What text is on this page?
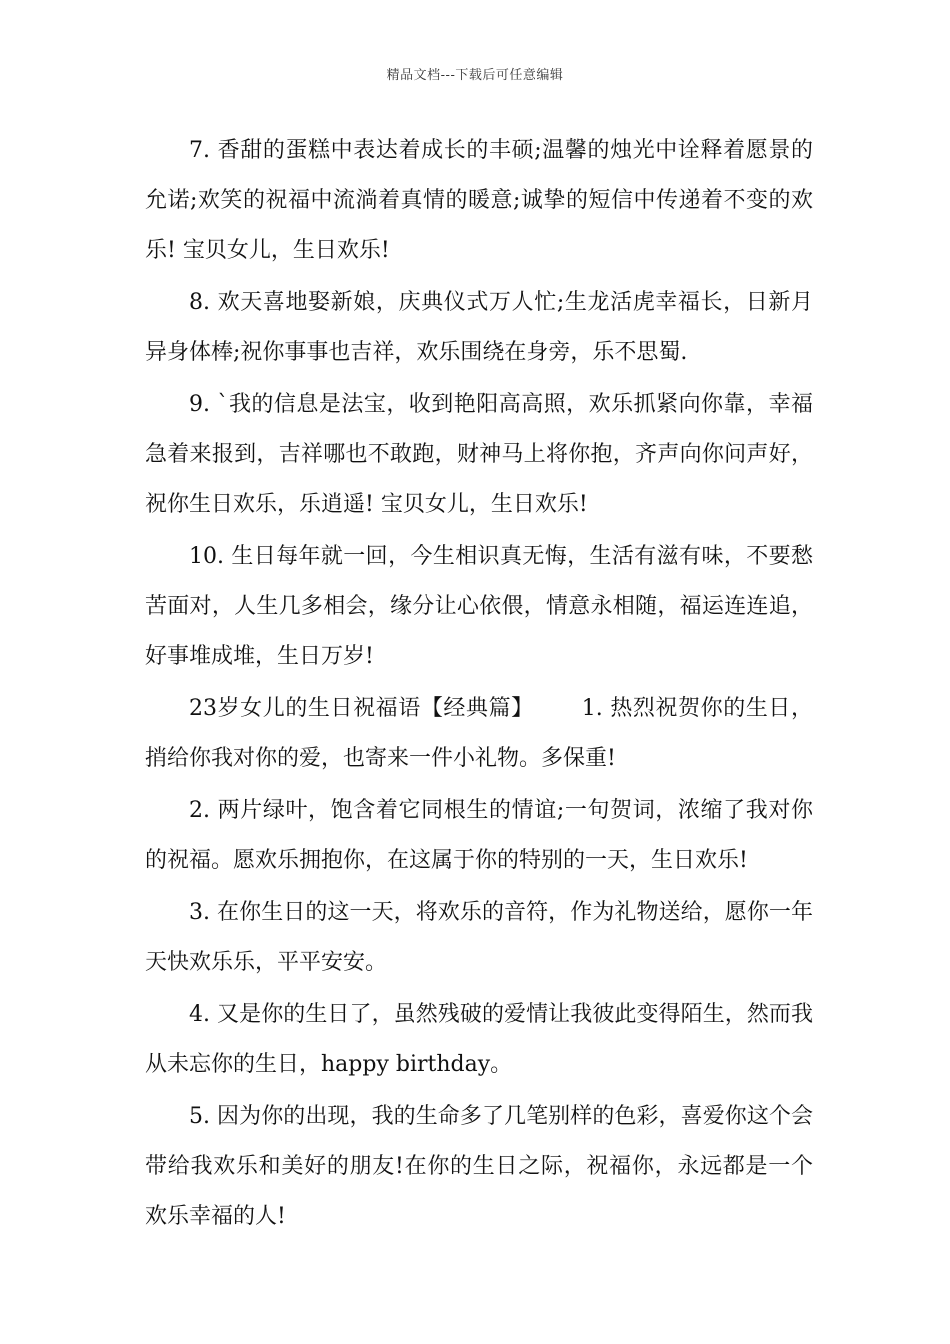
精品文档---下载后可任意编辑

7. 香甜的蛋糕中表达着成长的丰硕;温馨的烛光中诠释着愿景的允诺;欢笑的祝福中流淌着真情的暖意;诚挚的短信中传递着不变的欢乐! 宝贝女儿，生日欢乐!

8. 欢天喜地娶新娘，庆典仪式万人忙;生龙活虎幸福长，日新月异身体棒;祝你事事也吉祥，欢乐围绕在身旁，乐不思蜀.

9. `我的信息是法宝，收到艳阳高高照，欢乐抓紧向你靠，幸福急着来报到，吉祥哪也不敢跑，财神马上将你抱，齐声向你问声好，祝你生日欢乐，乐逍遥! 宝贝女儿，生日欢乐!

10. 生日每年就一回，今生相识真无悔，生活有滋有味，不要愁苦面对，人生几多相会，缘分让心依偎，情意永相随，福运连连追，好事堆成堆，生日万岁!

23岁女儿的生日祝福语【经典篇】 1. 热烈祝贺你的生日，捎给你我对你的爱，也寄来一件小礼物。多保重!

2. 两片绿叶，饱含着它同根生的情谊;一句贺词，浓缩了我对你的祝福。愿欢乐拥抱你，在这属于你的特别的一天，生日欢乐!

3. 在你生日的这一天，将欢乐的音符，作为礼物送给，愿你一年天快欢乐乐，平平安安。

4. 又是你的生日了，虽然残破的爱情让我彼此变得陌生，然而我从未忘你的生日，happy birthday。

5. 因为你的出现，我的生命多了几笔别样的色彩，喜爱你这个会带给我欢乐和美好的朋友!在你的生日之际，祝福你，永远都是一个欢乐幸福的人!
